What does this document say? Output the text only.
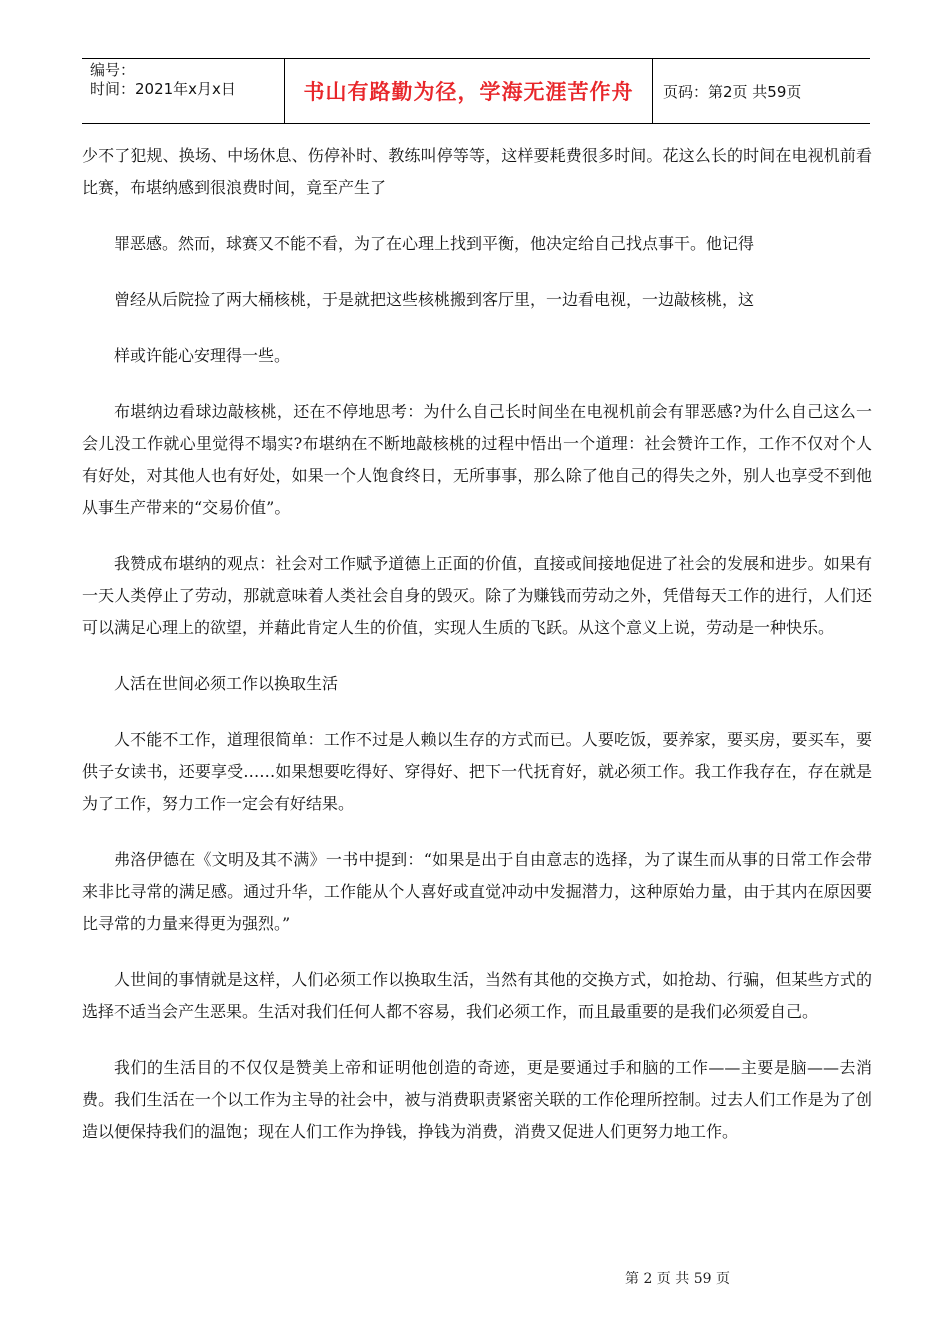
编号：
时间：2021年x月x日	书山有路勤为径，学海无涯苦作舟	页码：第2页 共59页

少不了犯规、换场、中场休息、伤停补时、教练叫停等等，这样要耗费很多时间。花这么长的时间在电视机前看比赛，布堪纳感到很浪费时间，竟至产生了

罪恶感。然而，球赛又不能不看，为了在心理上找到平衡，他决定给自己找点事干。他记得

曾经从后院捡了两大桶核桃，于是就把这些核桃搬到客厅里，一边看电视，一边敲核桃，这

样或许能心安理得一些。

布堪纳边看球边敲核桃，还在不停地思考：为什么自己长时间坐在电视机前会有罪恶感?为什么自己这么一会儿没工作就心里觉得不塌实?布堪纳在不断地敲核桃的过程中悟出一个道理：社会赞许工作，工作不仅对个人有好处，对其他人也有好处，如果一个人饱食终日，无所事事，那么除了他自己的得失之外，别人也享受不到他从事生产带来的“交易价值”。

我赞成布堪纳的观点：社会对工作赋予道德上正面的价值，直接或间接地促进了社会的发展和进步。如果有一天人类停止了劳动，那就意味着人类社会自身的毁灭。除了为赚钱而劳动之外，凭借每天工作的进行，人们还可以满足心理上的欲望，并藉此肯定人生的价值，实现人生质的飞跃。从这个意义上说，劳动是一种快乐。

人活在世间必须工作以换取生活

人不能不工作，道理很简单：工作不过是人赖以生存的方式而已。人要吃饭，要养家，要买房，要买车，要供子女读书，还要享受……如果想要吃得好、穿得好、把下一代抚育好，就必须工作。我工作我存在，存在就是为了工作，努力工作一定会有好结果。

弗洛伊德在《文明及其不满》一书中提到：“如果是出于自由意志的选择，为了谋生而从事的日常工作会带来非比寻常的满足感。通过升华，工作能从个人喜好或直觉冲动中发掘潜力，这种原始力量，由于其内在原因要比寻常的力量来得更为强烈。”

人世间的事情就是这样，人们必须工作以换取生活，当然有其他的交换方式，如抢劫、行骗，但某些方式的选择不适当会产生恶果。生活对我们任何人都不容易，我们必须工作，而且最重要的是我们必须爱自己。

我们的生活目的不仅仅是赞美上帝和证明他创造的奇迹，更是要通过手和脑的工作——主要是脑——去消费。我们生活在一个以工作为主导的社会中，被与消费职责紧密关联的工作伦理所控制。过去人们工作是为了创造以便保持我们的温饱；现在人们工作为挣钱，挣钱为消费，消费又促进人们更努力地工作。

第 2 页 共 59 页
